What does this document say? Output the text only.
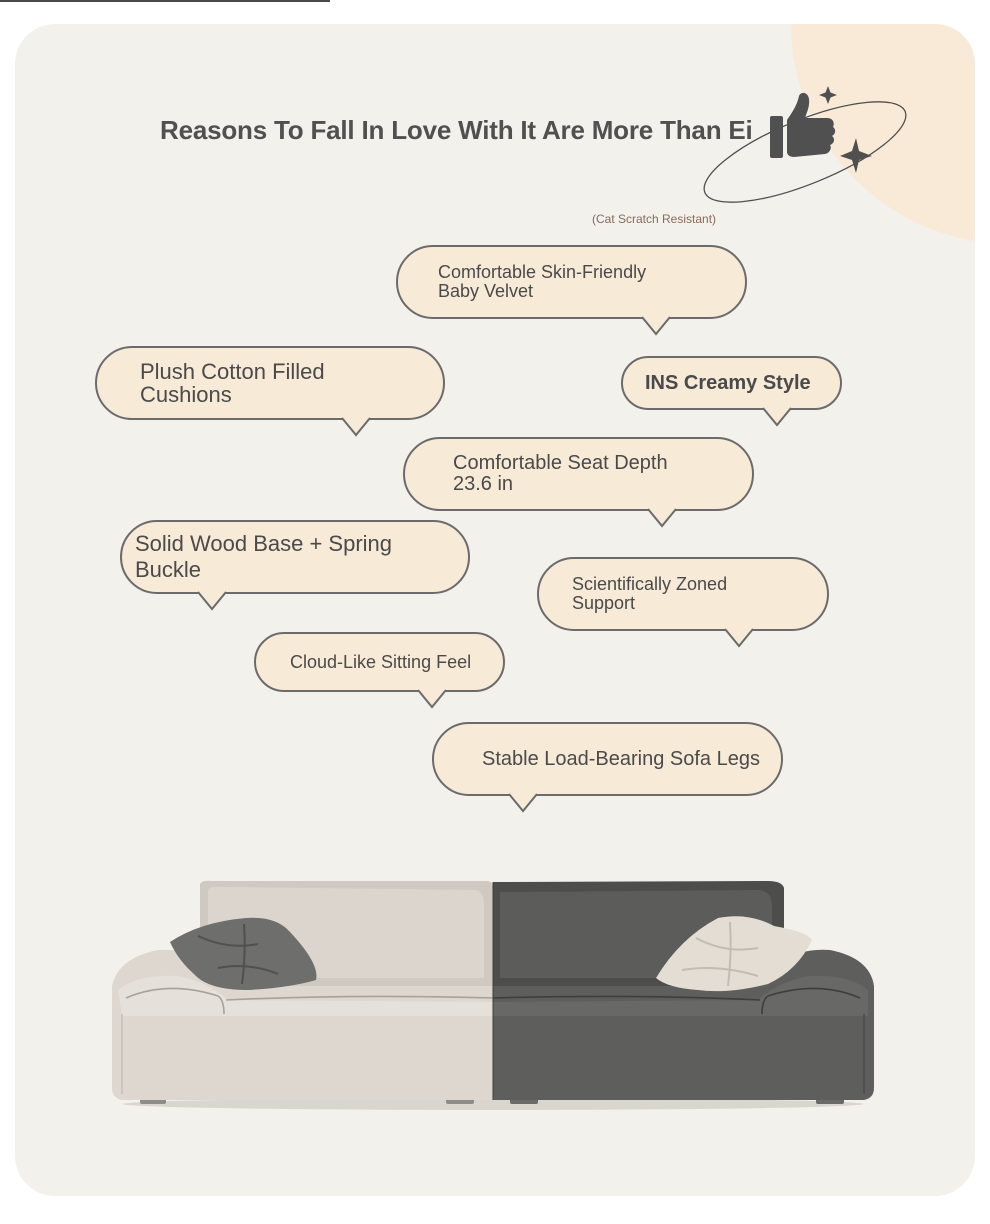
Reasons To Fall In Love With It Are More Than Ei
(Cat Scratch Resistant)
Comfortable Skin-Friendly
Baby Velvet
Plush Cotton Filled
Cushions	INS Creamy Style
Comfortable Seat Depth
23.6 in
Solid Wood Base + Spring
Buckle
Scientifically Zoned
Support
Cloud-Like Sitting Feel
Stable Load-Bearing Sofa Legs
